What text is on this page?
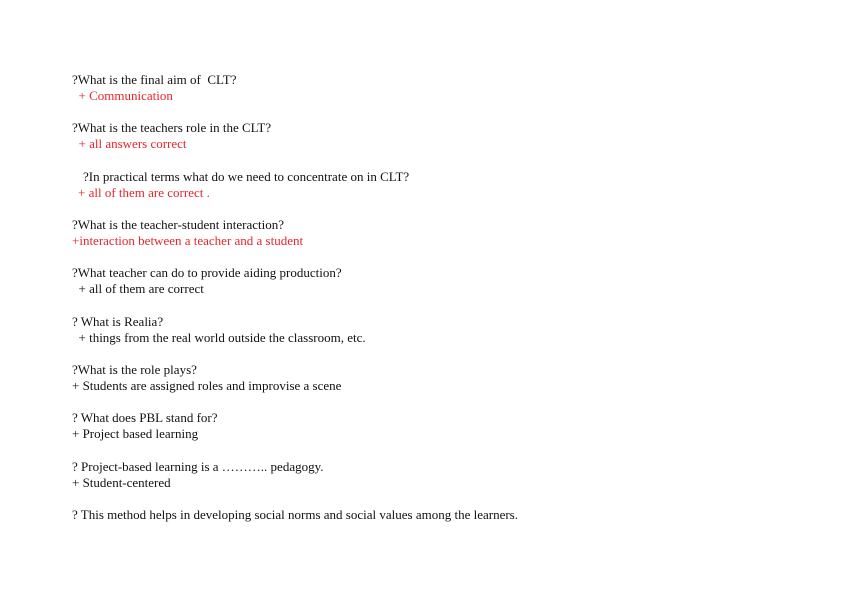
?What is the final aim of  CLT?
+ Communication
?What is the teachers role in the CLT?
+ all answers correct
?In practical terms what do we need to concentrate on in CLT?
+ all of them are correct .
?What is the teacher-student interaction?
+interaction between a teacher and a student
?What teacher can do to provide aiding production?
+ all of them are correct
? What is Realia?
+ things from the real world outside the classroom, etc.
?What is the role plays?
+ Students are assigned roles and improvise a scene
? What does PBL stand for?
+ Project based learning
? Project-based learning is a ……….. pedagogy.
+ Student-centered
? This method helps in developing social norms and social values among the learners.
